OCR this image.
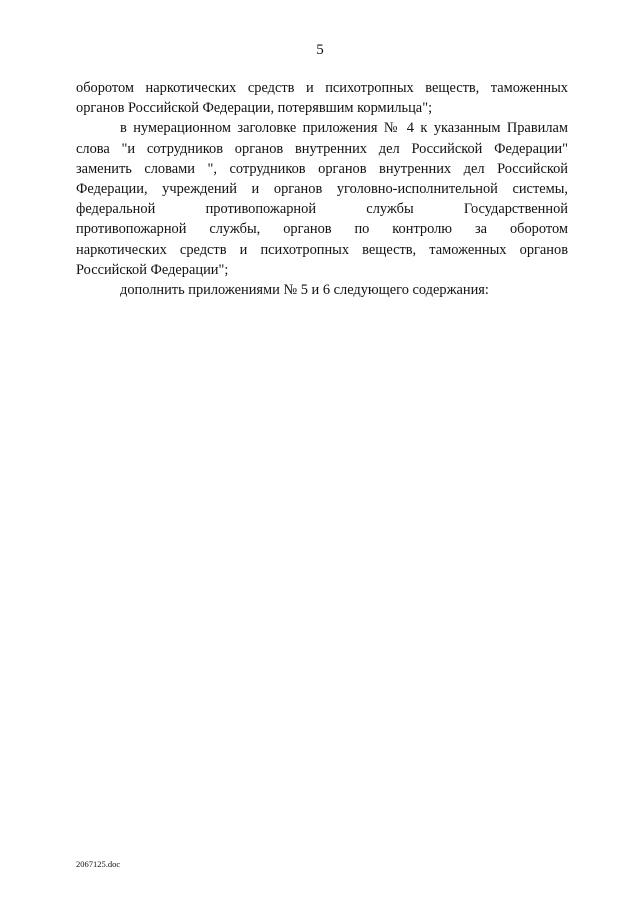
5
оборотом наркотических средств и психотропных веществ, таможенных
органов Российской Федерации, потерявшим кормильца";
в нумерационном заголовке приложения № 4 к указанным Правилам
слова "и сотрудников органов внутренних дел Российской Федерации"
заменить словами ", сотрудников органов внутренних дел Российской
Федерации, учреждений и органов уголовно-исполнительной системы,
федеральной противопожарной службы Государственной
противопожарной службы, органов по контролю за оборотом
наркотических средств и психотропных веществ, таможенных органов
Российской Федерации";
дополнить приложениями № 5 и 6 следующего содержания:
2067125.doc
